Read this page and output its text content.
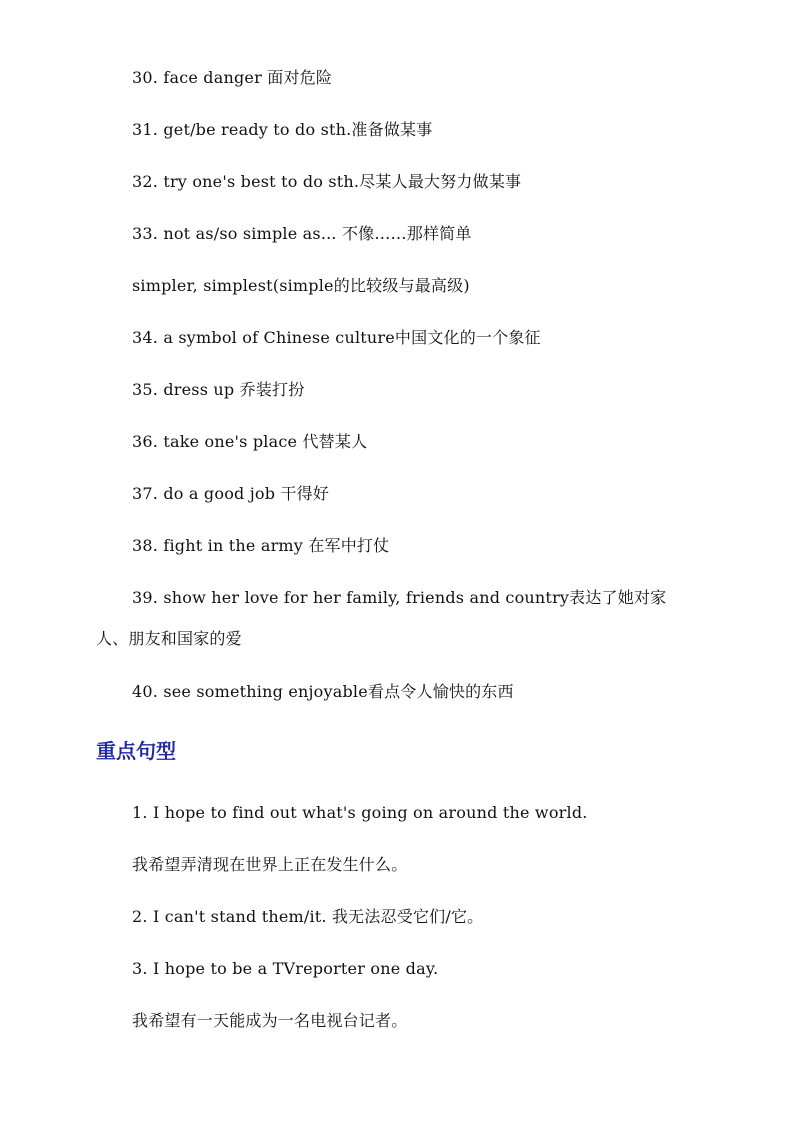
30. face danger 面对危险
31. get/be ready to do sth.准备做某事
32. try one's best to do sth.尽某人最大努力做某事
33. not as/so simple as... 不像……那样简单
simpler, simplest(simple的比较级与最高级)
34. a symbol of Chinese culture中国文化的一个象征
35. dress up 乔装打扮
36. take one's place 代替某人
37. do a good job 干得好
38. fight in the army 在军中打仗
39. show her love for her family, friends and country表达了她对家
人、朋友和国家的爱
40. see something enjoyable看点令人愉快的东西
重点句型
1. I hope to find out what's going on around the world.
我希望弄清现在世界上正在发生什么。
2. I can't stand them/it. 我无法忍受它们/它。
3. I hope to be a TVreporter one day.
我希望有一天能成为一名电视台记者。
